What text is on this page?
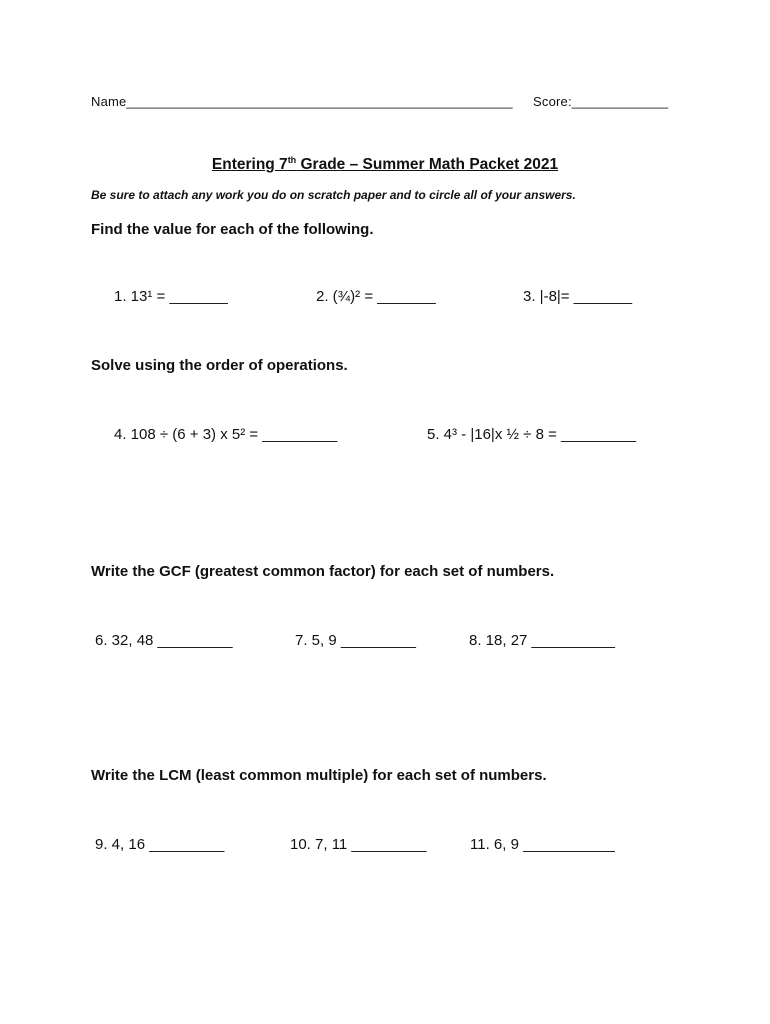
Name____________________________________________________ Score:_____________
Entering 7th Grade – Summer Math Packet 2021
Be sure to attach any work you do on scratch paper and to circle all of your answers.
Find the value for each of the following.
1. 13¹ = _______	2. (¾)² = _______	3. |-8|= _______
Solve using the order of operations.
4. 108 ÷ (6 + 3) x 5² = _________	5. 4³ - |16|x ½ ÷ 8 = _________
Write the GCF (greatest common factor) for each set of numbers.
6. 32, 48 _________	7. 5, 9 _________	8. 18, 27 __________
Write the LCM (least common multiple) for each set of numbers.
9. 4, 16 _________	10. 7, 11 _________	11. 6, 9 ___________
